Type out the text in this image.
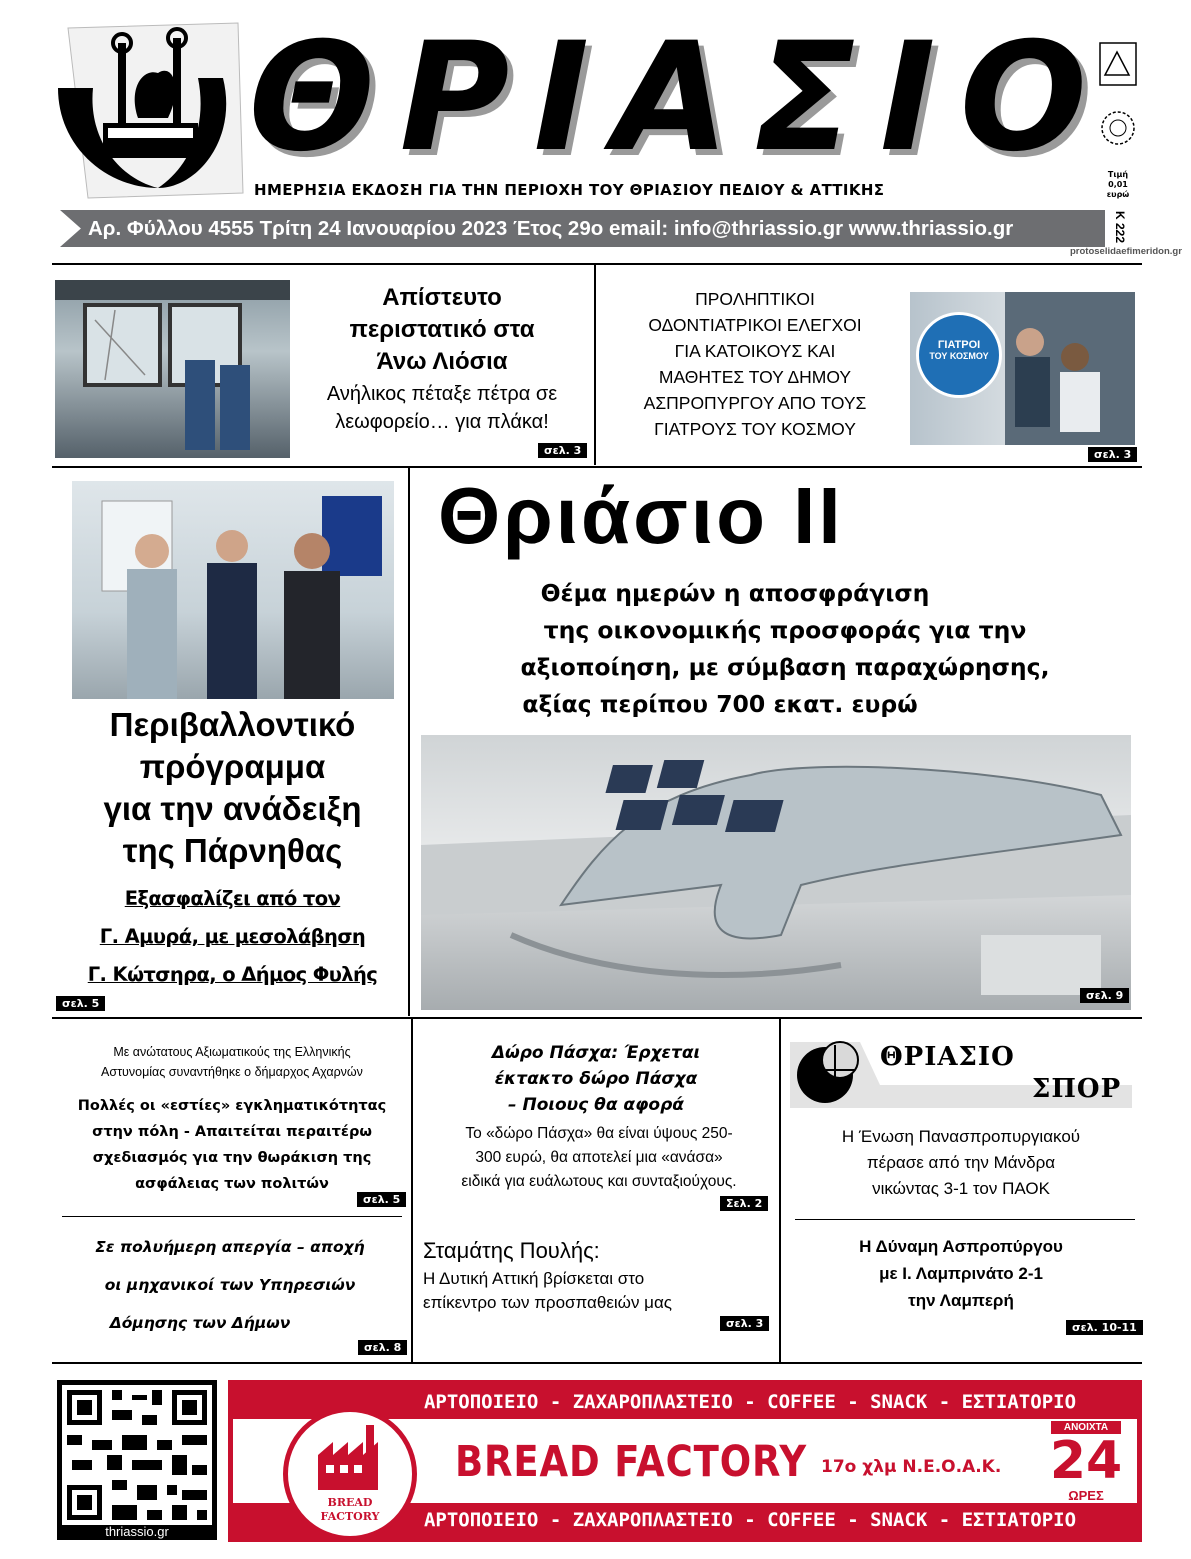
ΘΡΙΑΣΙΟ
Τιμή 0,01 ευρώ
ΗΜΕΡΗΣΙΑ ΕΚΔΟΣΗ ΓΙΑ ΤΗΝ ΠΕΡΙΟΧΗ ΤΟΥ ΘΡΙΑΣΙΟΥ ΠΕΔΙΟΥ & ΑΤΤΙΚΗΣ
Αρ. Φύλλου 4555 Τρίτη 24 Ιανουαρίου 2023 Έτος 29ο email: info@thriassio.gr www.thriassio.gr	Κ 222
protoselidaefimeridon.gr
Απίστευτο
περιστατικό στα
Άνω Λιόσια
Ανήλικος πέταξε πέτρα σε
λεωφορείο… για πλάκα!
σελ. 3
ΠΡΟΛΗΠΤΙΚΟΙ
ΟΔΟΝΤΙΑΤΡΙΚΟΙ ΕΛΕΓΧΟΙ
ΓΙΑ ΚΑΤΟΙΚΟΥΣ ΚΑΙ
ΜΑΘΗΤΕΣ ΤΟΥ ΔΗΜΟΥ
ΑΣΠΡΟΠΥΡΓΟΥ ΑΠΟ ΤΟΥΣ
ΓΙΑΤΡΟΥΣ ΤΟΥ ΚΟΣΜΟΥ
ΓΙΑΤΡΟΙ
ΤΟΥ ΚΟΣΜΟΥ
σελ. 3
Περιβαλλοντικό
πρόγραμμα
για την ανάδειξη
της Πάρνηθας
Εξασφαλίζει από τον
Γ. Αμυρά, με μεσολάβηση
Γ. Κώτσηρα, ο Δήμος Φυλής
σελ. 5
Θριάσιο ΙΙ
Θέμα ημερών η αποσφράγιση
της οικονομικής προσφοράς για την
αξιοποίηση, με σύμβαση παραχώρησης,
αξίας περίπου 700 εκατ. ευρώ
σελ. 9
Με ανώτατους Αξιωματικούς της Ελληνικής
Αστυνομίας συναντήθηκε ο δήμαρχος Αχαρνών
Πολλές οι «εστίες» εγκληματικότητας
στην πόλη - Απαιτείται περαιτέρω
σχεδιασμός για την θωράκιση της
ασφάλειας των πολιτών
σελ. 5
Δώρο Πάσχα: Έρχεται
έκτακτο δώρο Πάσχα
– Ποιους θα αφορά
Το «δώρο Πάσχα» θα είναι ύψους 250-
300 ευρώ, θα αποτελεί μια «ανάσα»
ειδικά για ευάλωτους και συνταξιούχους.
Σελ. 2
ΘΡΙΑΣΙΟ
ΣΠΟΡ
Η Ένωση Πανασπροπυργιακού
πέρασε από την Μάνδρα
νικώντας 3-1 τον ΠΑΟΚ
Η Δύναμη Ασπροπύργου
με Ι. Λαμπρινάτο 2-1
την Λαμπερή
σελ. 10-11
Σε πολυήμερη απεργία – αποχή
οι μηχανικοί των Υπηρεσιών
Δόμησης των Δήμων
σελ. 8
Σταμάτης Πουλής:
Η Δυτική Αττική βρίσκεται στο
επίκεντρο των προσπαθειών μας
σελ. 3
thriassio.gr
ΑΡΤΟΠΟΙΕΙΟ - ΖΑΧΑΡΟΠΛΑΣΤΕΙΟ - COFFEE - SNACK - ΕΣΤΙΑΤΟΡΙΟ
ΑΡΤΟΠΟΙΕΙΟ - ΖΑΧΑΡΟΠΛΑΣΤΕΙΟ - COFFEE - SNACK - ΕΣΤΙΑΤΟΡΙΟ
BREAD
FACTORY
BREAD FACTORY 17ο χλμ Ν.Ε.Ο.Α.Κ.
ΑΝΟΙΧΤΑ
24
ΩΡΕΣ
